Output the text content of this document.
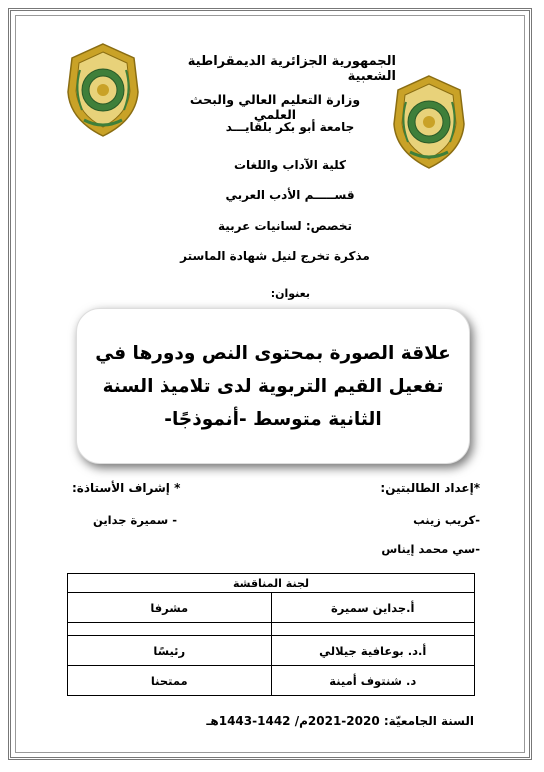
الجمهورية الجزائرية الديمقراطية الشعبية
وزارة التعليم العالي والبحث العلمي
جامعة أبو بكر بلقايـــد
كلية الآداب واللغات
قســـــم الأدب العربي
تخصص: لسانيات عربية
مذكرة تخرج لنيل شهادة الماستر
بعنوان:
علاقة الصورة بمحتوى النص ودورها في
تفعيل القيم التربوية لدى تلاميذ السنة
الثانية متوسط -أنموذجًا-
*إعداد الطالبتين:
* إشراف الأستاذة:
-كريب زينب
-سي محمد إيناس
- سميرة جداين
لجنة المناقشة	
أ.جداين سميرة	مشرفا

أ.د. بوعافية جيلالي	رئيسًا
د. شنتوف أمينة	ممتحنا
السنة الجامعيّة: 2020-2021م/ 1442-1443هـ
